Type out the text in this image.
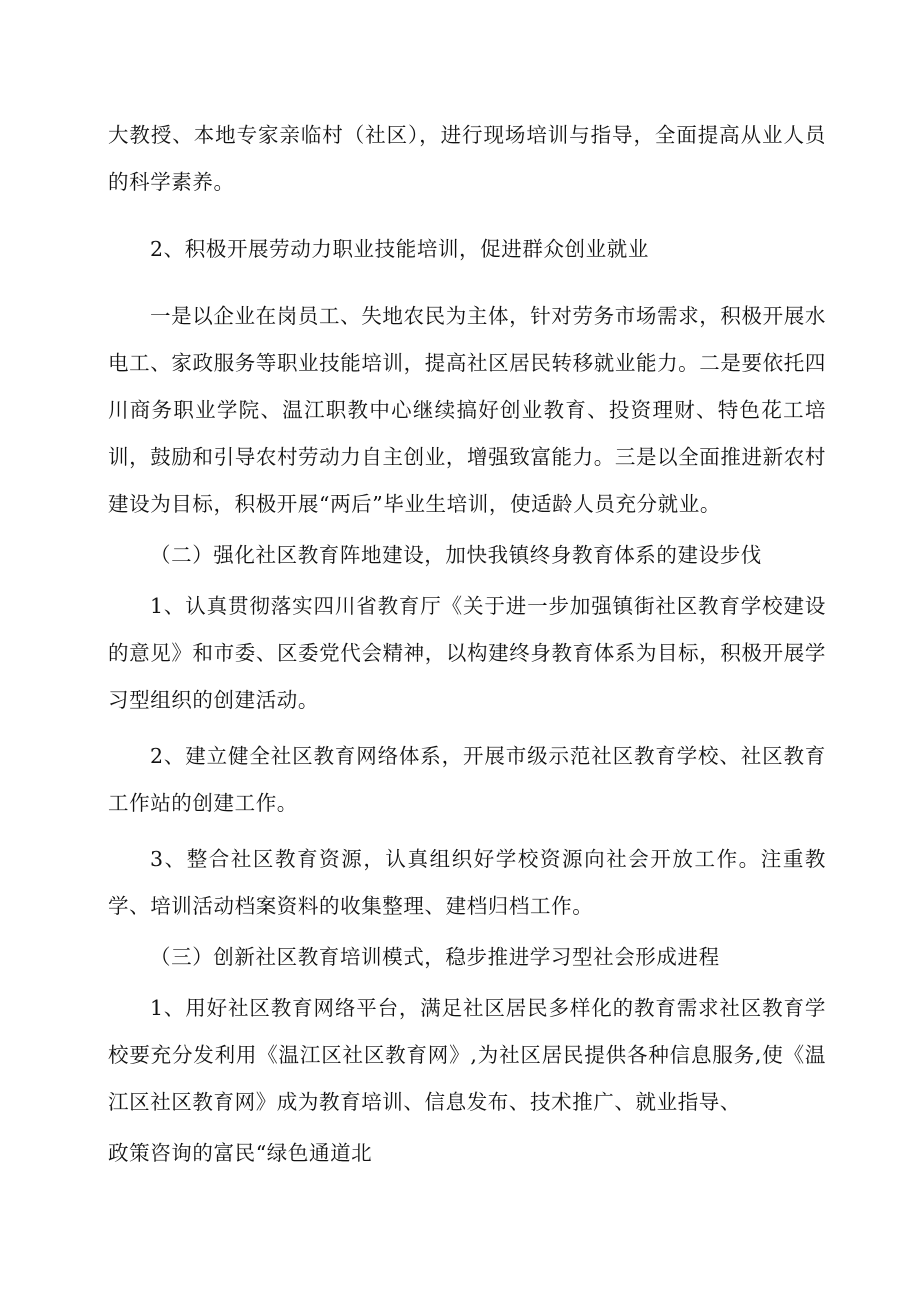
大教授、本地专家亲临村（社区），进行现场培训与指导，全面提高从业人员的科学素养。

2、积极开展劳动力职业技能培训，促进群众创业就业

一是以企业在岗员工、失地农民为主体，针对劳务市场需求，积极开展水电工、家政服务等职业技能培训，提高社区居民转移就业能力。二是要依托四川商务职业学院、温江职教中心继续搞好创业教育、投资理财、特色花工培训，鼓励和引导农村劳动力自主创业，增强致富能力。三是以全面推进新农村建设为目标，积极开展“两后”毕业生培训，使适龄人员充分就业。

（二）强化社区教育阵地建设，加快我镇终身教育体系的建设步伐

1、认真贯彻落实四川省教育厅《关于进一步加强镇街社区教育学校建设的意见》和市委、区委党代会精神，以构建终身教育体系为目标，积极开展学习型组织的创建活动。

2、建立健全社区教育网络体系，开展市级示范社区教育学校、社区教育工作站的创建工作。

3、整合社区教育资源，认真组织好学校资源向社会开放工作。注重教学、培训活动档案资料的收集整理、建档归档工作。

（三）创新社区教育培训模式，稳步推进学习型社会形成进程

1、用好社区教育网络平台，满足社区居民多样化的教育需求社区教育学校要充分发利用《温江区社区教育网》,为社区居民提供各种信息服务,使《温江区社区教育网》成为教育培训、信息发布、技术推广、就业指导、

政策咨询的富民“绿色通道北
